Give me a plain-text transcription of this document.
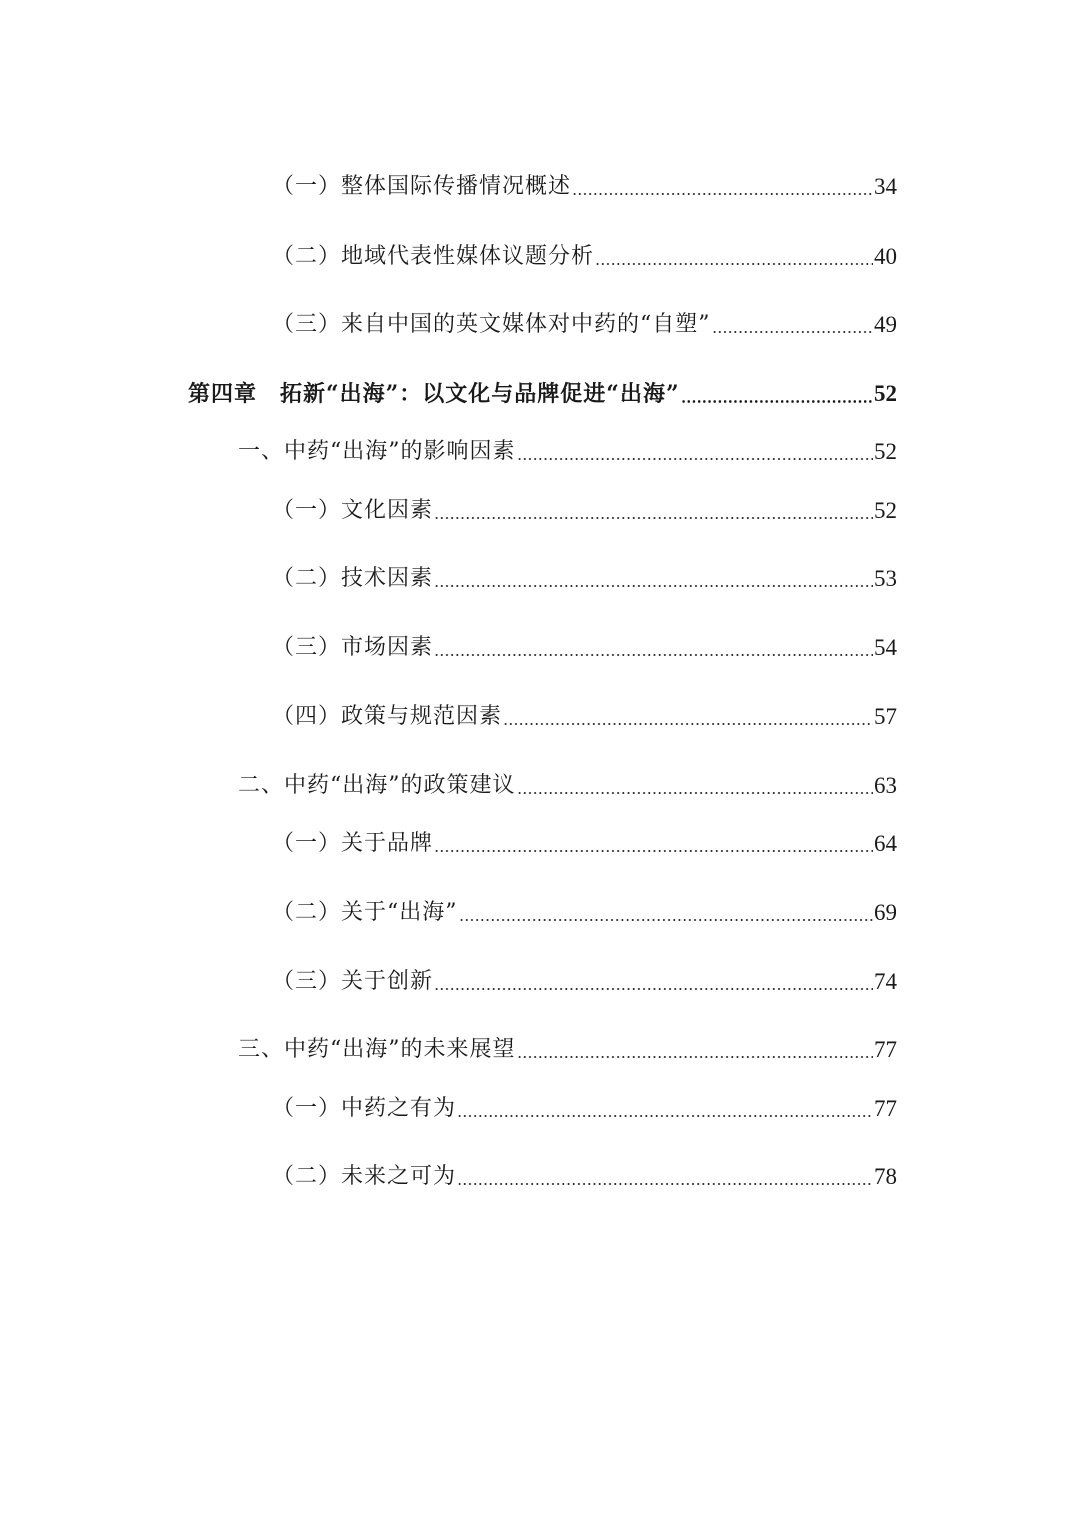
（一）整体国际传播情况概述	34
（二）地域代表性媒体议题分析	40
（三）来自中国的英文媒体对中药的“自塑”	49
第四章　拓新“出海”：以文化与品牌促进“出海”	52
一、中药“出海”的影响因素	52
（一）文化因素	52
（二）技术因素	53
（三）市场因素	54
（四）政策与规范因素	57
二、中药“出海”的政策建议	63
（一）关于品牌	64
（二）关于“出海”	69
（三）关于创新	74
三、中药“出海”的未来展望	77
（一）中药之有为	77
（二）未来之可为	78
